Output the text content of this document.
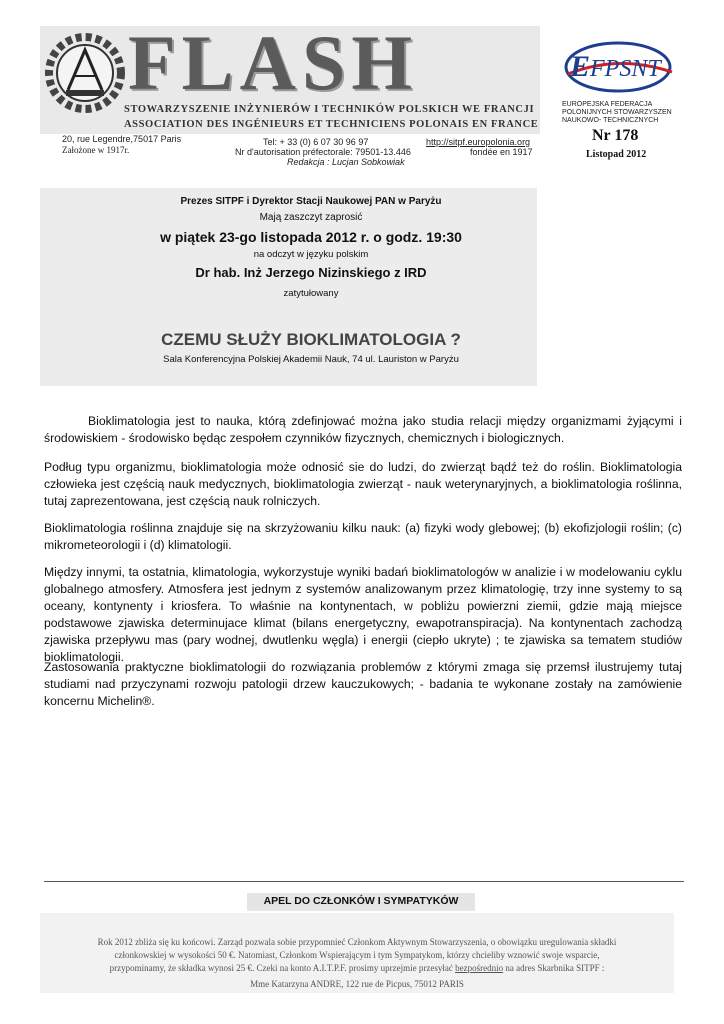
FLASH
STOWARZYSZENIE INŻYNIERÓW I TECHNIKÓW POLSKICH WE FRANCJI
ASSOCIATION DES INGÉNIEURS ET TECHNICIENS POLONAIS EN FRANCE
20, rue Legendre,75017 Paris
Założone w 1917r.
Tel: + 33 (0) 6 07 30 96 97	http://sitpf.europolonia.org
Nr d'autorisation préfectorale: 79501-13.446	fondée en 1917
Redakcja : Lucjan Sobkowiak
E FPSNT
EUROPEJSKA FEDERACJA
POLONIJNYCH STOWARZYSZEN
NAUKOWO- TECHNICZNYCH
Nr 178
Listopad 2012
Prezes SITPF i Dyrektor Stacji Naukowej PAN w Paryżu
Mają zaszczyt zaprosić
w piątek 23-go listopada 2012 r. o godz. 19:30
na odczyt w języku polskim
Dr hab. Inż Jerzego Nizinskiego z IRD
zatytułowany
CZEMU SŁUŻY BIOKLIMATOLOGIA ?
Sala Konferencyjna Polskiej Akademii Nauk, 74 ul. Lauriston w Paryżu
Bioklimatologia jest to nauka, którą zdefinjować można jako studia relacji między organizmami żyjącymi i środowiskiem - środowisko będąc zespołem czynników fizycznych, chemicznych i biologicznych.
Podług typu organizmu, bioklimatologia może odnosić sie do ludzi, do zwierząt bądź też do roślin. Bioklimatologia człowieka jest częścią nauk medycznych, bioklimatologia zwierząt - nauk weterynaryjnych, a bioklimatologia roślinna, tutaj zaprezentowana, jest częścią nauk rolniczych.
Bioklimatologia roślinna znajduje się na skrzyżowaniu kilku nauk: (a) fizyki wody glebowej; (b) ekofizjologii roślin; (c) mikrometeorologii i (d) klimatologii.
Między innymi, ta ostatnia, klimatologia, wykorzystuje wyniki badań bioklimatologów w analizie i w modelowaniu cyklu globalnego atmosfery. Atmosfera jest jednym z systemów analizowanym przez klimatologię, trzy inne systemy to są oceany, kontynenty i kriosfera. To właśnie na kontynentach, w pobliżu powierzni ziemii, gdzie mają miejsce podstawowe zjawiska determinujace klimat (bilans energetyczny, ewapotranspiracja). Na kontynentach zachodzą zjawiska przepływu mas (pary wodnej, dwutlenku węgla) i energii (ciepło ukryte) ; te zjawiska sa tematem studiów bioklimatologii.
Zastosowania praktyczne bioklimatologii do rozwiązania problemów z którymi zmaga się przemsł ilustrujemy tutaj studiami nad przyczynami rozwoju patologii drzew kauczukowych; - badania te wykonane zostały na zamówienie koncernu Michelin®.
APEL DO CZŁONKÓW I SYMPATYKÓW
Rok 2012 zbliża się ku końcowi. Zarząd pozwala sobie przypomnieć Członkom Aktywnym Stowarzyszenia, o obowiązku uregulowania składki
członkowskiej w wysokości 50 €. Natomiast, Członkom Wspierającym i tym Sympatykom, którzy chcieliby wznowić swoje wsparcie,
przypominamy, że składka wynosi 25 €. Czeki na konto A.I.T.P.F. prosimy uprzejmie przesyłać bezpośrednio na adres Skarbnika SITPF :
Mme Katarzyna ANDRE, 122 rue de Picpus, 75012 PARIS
